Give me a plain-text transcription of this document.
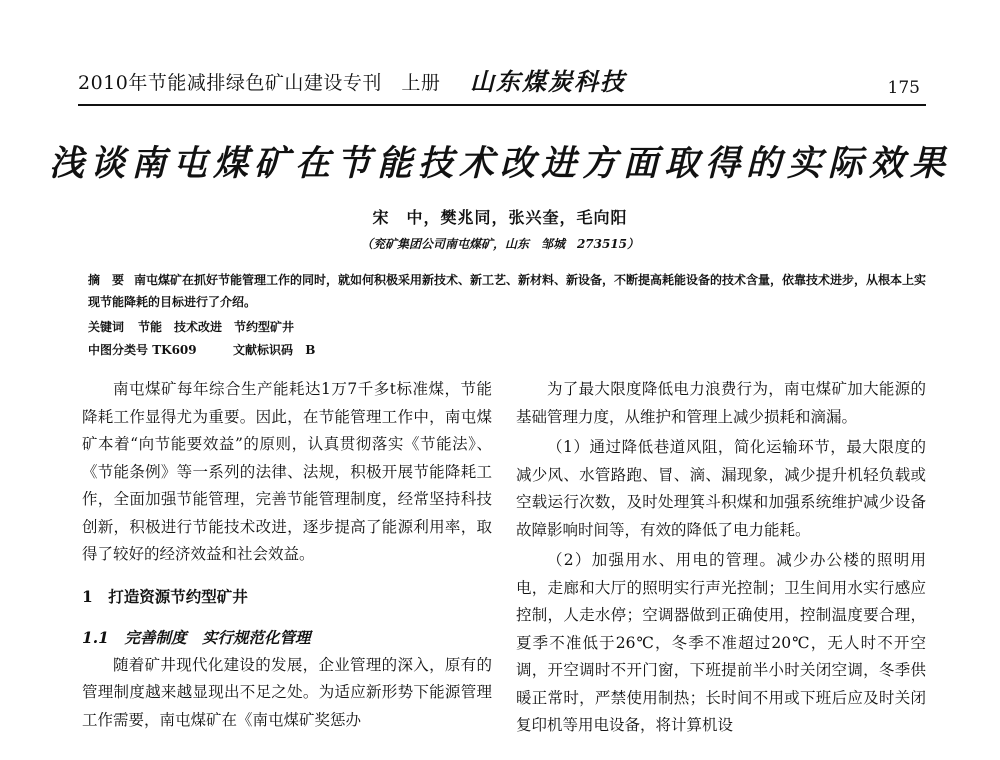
2010年节能减排绿色矿山建设专刊　上册 山东煤炭科技	175
浅谈南屯煤矿在节能技术改进方面取得的实际效果
宋　中，樊兆同，张兴奎，毛向阳
（兖矿集团公司南屯煤矿，山东　邹城　273515）
摘　要 南屯煤矿在抓好节能管理工作的同时，就如何积极采用新技术、新工艺、新材料、新设备，不断提高耗能设备的技术含量，依靠技术进步，从根本上实现节能降耗的目标进行了介绍。
关键词 节能　技术改进　节约型矿井
中图分类号 TK609	文献标识码 B

南屯煤矿每年综合生产能耗达1万7千多t标准煤，节能降耗工作显得尤为重要。因此，在节能管理工作中，南屯煤矿本着“向节能要效益”的原则，认真贯彻落实《节能法》、《节能条例》等一系列的法律、法规，积极开展节能降耗工作，全面加强节能管理，完善节能管理制度，经常坚持科技创新，积极进行节能技术改进，逐步提高了能源利用率，取得了较好的经济效益和社会效益。

1　打造资源节约型矿井

1.1　完善制度　实行规范化管理

随着矿井现代化建设的发展，企业管理的深入，原有的管理制度越来越显现出不足之处。为适应新形势下能源管理工作需要，南屯煤矿在《南屯煤矿奖惩办

为了最大限度降低电力浪费行为，南屯煤矿加大能源的基础管理力度，从维护和管理上减少损耗和滴漏。

（1）通过降低巷道风阻，简化运输环节，最大限度的减少风、水管路跑、冒、滴、漏现象，减少提升机轻负载或空载运行次数，及时处理箕斗积煤和加强系统维护减少设备故障影响时间等，有效的降低了电力能耗。

（2）加强用水、用电的管理。减少办公楼的照明用电，走廊和大厅的照明实行声光控制；卫生间用水实行感应控制，人走水停；空调器做到正确使用，控制温度要合理，夏季不准低于26℃，冬季不准超过20℃，无人时不开空调，开空调时不开门窗，下班提前半小时关闭空调，冬季供暖正常时，严禁使用制热；长时间不用或下班后应及时关闭复印机等用电设备，将计算机设
